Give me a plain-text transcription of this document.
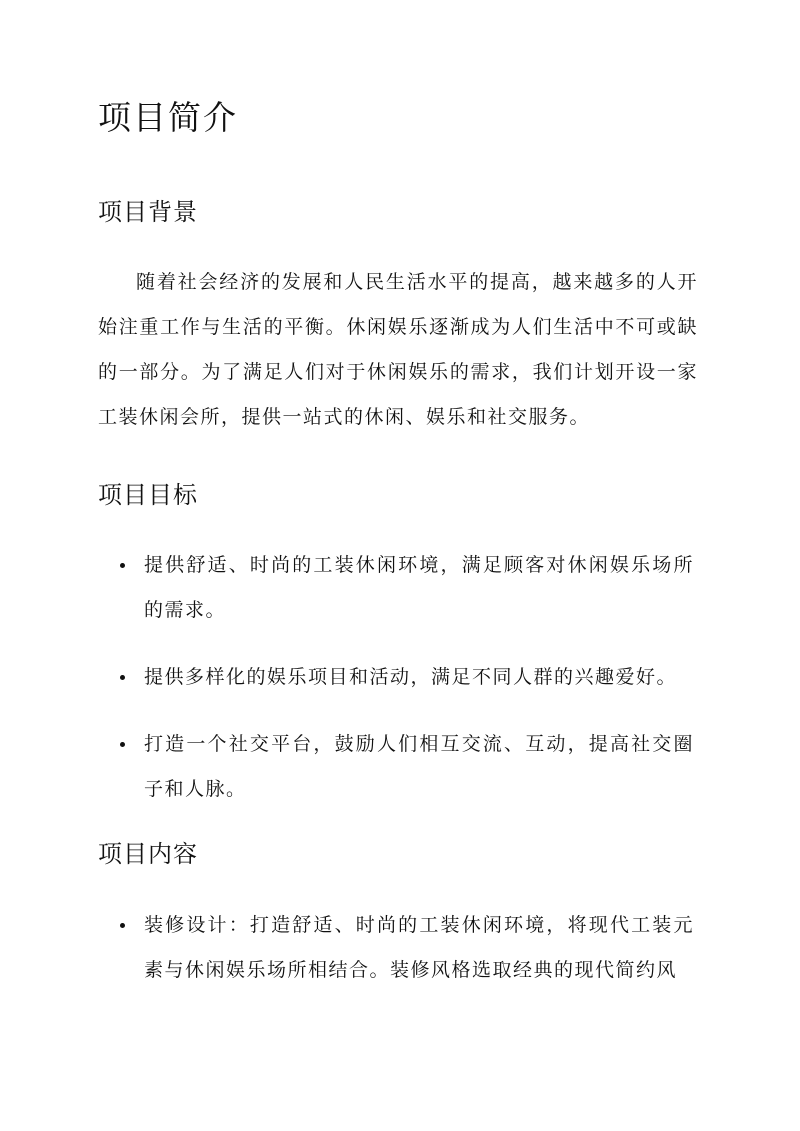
项目简介
项目背景

随着社会经济的发展和人民生活水平的提高，越来越多的人开始注重工作与生活的平衡。休闲娱乐逐渐成为人们生活中不可或缺的一部分。为了满足人们对于休闲娱乐的需求，我们计划开设一家工装休闲会所，提供一站式的休闲、娱乐和社交服务。

项目目标
提供舒适、时尚的工装休闲环境，满足顾客对休闲娱乐场所的需求。
提供多样化的娱乐项目和活动，满足不同人群的兴趣爱好。
打造一个社交平台，鼓励人们相互交流、互动，提高社交圈子和人脉。
项目内容
装修设计：打造舒适、时尚的工装休闲环境，将现代工装元素与休闲娱乐场所相结合。装修风格选取经典的现代简约风
